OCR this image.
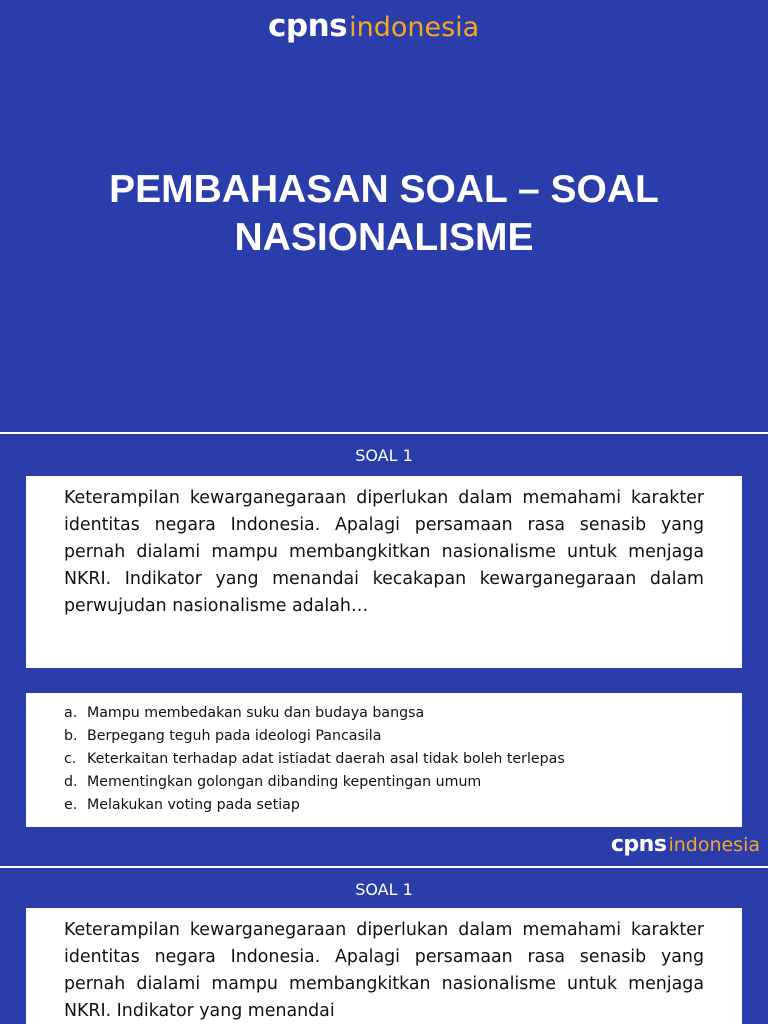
cpns indonesia
PEMBAHASAN SOAL – SOAL NASIONALISME
SOAL 1

Keterampilan kewarganegaraan diperlukan dalam memahami karakter identitas negara Indonesia. Apalagi persamaan rasa senasib yang pernah dialami mampu membangkitkan nasionalisme untuk menjaga NKRI. Indikator yang menandai kecakapan kewarganegaraan dalam perwujudan nasionalisme adalah…

a. Mampu membedakan suku dan budaya bangsa
b. Berpegang teguh pada ideologi Pancasila
c. Keterkaitan terhadap adat istiadat daerah asal tidak boleh terlepas
d. Mementingkan golongan dibanding kepentingan umum
e. Melakukan voting pada setiap
cpns indonesia
SOAL 1

Keterampilan kewarganegaraan diperlukan dalam memahami karakter identitas negara Indonesia. Apalagi persamaan rasa senasib yang pernah dialami mampu membangkitkan nasionalisme untuk menjaga NKRI. Indikator yang menandai
